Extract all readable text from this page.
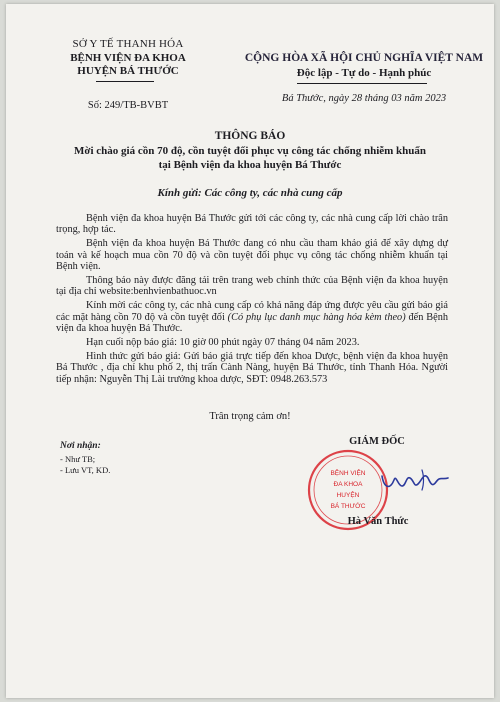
SỞ Y TẾ THANH HÓA
BỆNH VIỆN ĐA KHOA
HUYỆN BÁ THƯỚC
Số: 249/TB-BVBT
CỘNG HÒA XÃ HỘI CHỦ NGHĨA VIỆT NAM
Độc lập - Tự do - Hạnh phúc
Bá Thước, ngày 28 tháng 03 năm 2023
THÔNG BÁO
Mời chào giá cồn 70 độ, cồn tuyệt đối phục vụ công tác chống nhiễm khuẩn
tại Bệnh viện đa khoa huyện Bá Thước
Kính gửi: Các công ty, các nhà cung cấp

Bệnh viện đa khoa huyện Bá Thước gửi tới các công ty, các nhà cung cấp lời chào trân trọng, hợp tác.

Bệnh viện đa khoa huyện Bá Thước đang có nhu cầu tham khảo giá để xây dựng dự toán và kế hoạch mua cồn 70 độ và cồn tuyệt đối phục vụ công tác chống nhiễm khuẩn tại Bệnh viện.

Thông báo này được đăng tải trên trang web chính thức của Bệnh viện đa khoa huyện tại địa chỉ website:benhvienbathuoc.vn

Kính mời các công ty, các nhà cung cấp có khả năng đáp ứng được yêu cầu gửi báo giá các mặt hàng cồn 70 độ và cồn tuyệt đối (Có phụ lục danh mục hàng hóa kèm theo) đến Bệnh viện đa khoa huyện Bá Thước.

Hạn cuối nộp báo giá: 10 giờ 00 phút ngày 07 tháng 04 năm 2023.

Hình thức gửi báo giá: Gửi báo giá trực tiếp đến khoa Dược, bệnh viện đa khoa huyện Bá Thước , địa chỉ khu phố 2, thị trấn Cành Nàng, huyện Bá Thước, tỉnh Thanh Hóa. Người tiếp nhận: Nguyễn Thị Lài trưởng khoa dược, SĐT: 0948.263.573

Trân trọng cảm ơn!
Nơi nhận:
- Như TB;
- Lưu VT, KD.
GIÁM ĐỐC
BỆNH VIỆN
ĐA KHOA
HUYỆN
BÁ THƯỚC
Hà Văn Thức
